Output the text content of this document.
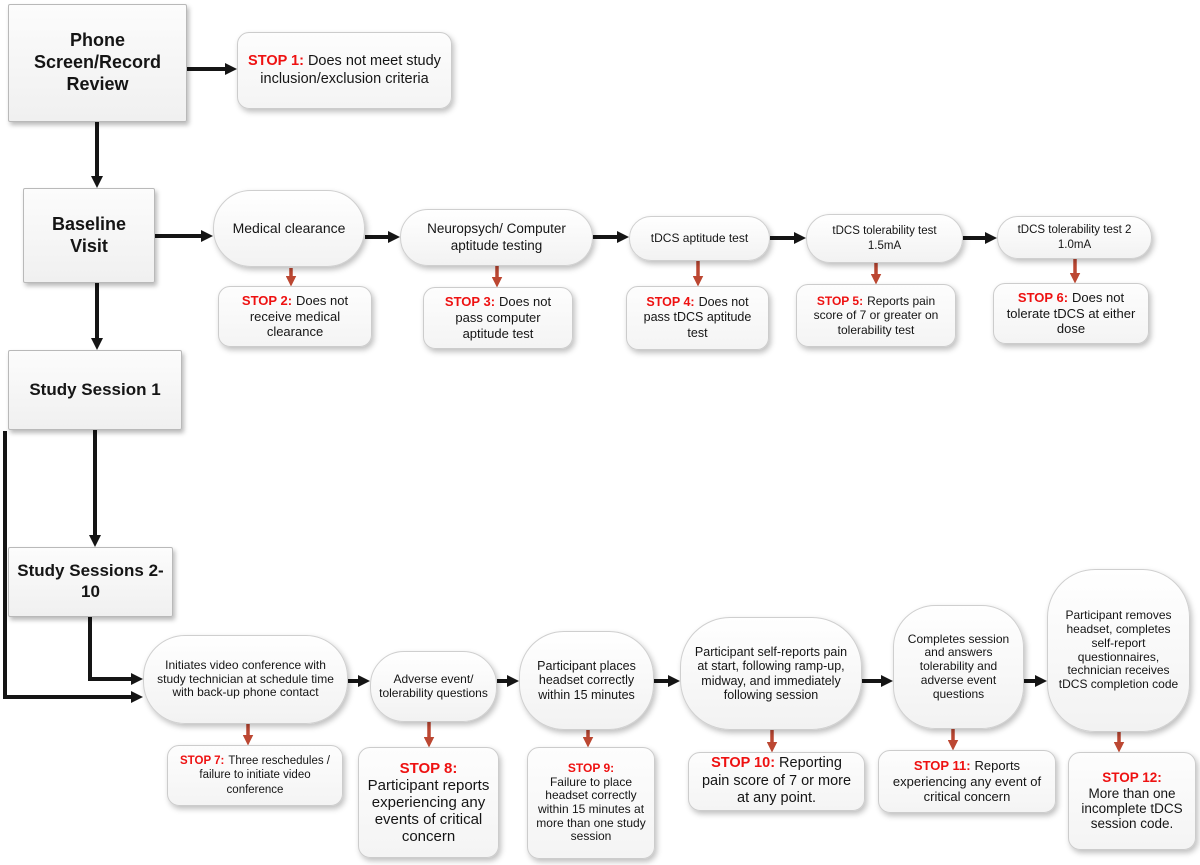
Phone Screen/Record Review
Baseline Visit
Study Session 1
Study Sessions 2-10
Medical clearance	Neuropsych/ Computer aptitude testing	tDCS aptitude test	tDCS tolerability test 1.5mA
tDCS tolerability test 2 1.0mA
Initiates video conference with study technician at schedule time with back-up phone contact
Adverse event/ tolerability questions
Participant places headset correctly within 15 minutes
Participant self-reports pain at start, following ramp-up, midway, and immediately following session
Completes session and answers tolerability and adverse event questions
Participant removes headset, completes self-report questionnaires, technician receives tDCS completion code
STOP 1: Does not meet study inclusion/exclusion criteria
STOP 2: Does not receive medical clearance
STOP 3: Does not pass computer aptitude test
STOP 4: Does not pass tDCS aptitude test
STOP 5: Reports pain score of 7 or greater on tolerability test
STOP 6: Does not tolerate tDCS at either dose
STOP 7: Three reschedules / failure to initiate video conference
STOP 8:
Participant reports experiencing any events of critical concern
STOP 9:
Failure to place headset correctly within 15 minutes at more than one study session
STOP 10: Reporting pain score of 7 or more at any point.
STOP 11: Reports experiencing any event of critical concern
STOP 12:
More than one incomplete tDCS session code.
